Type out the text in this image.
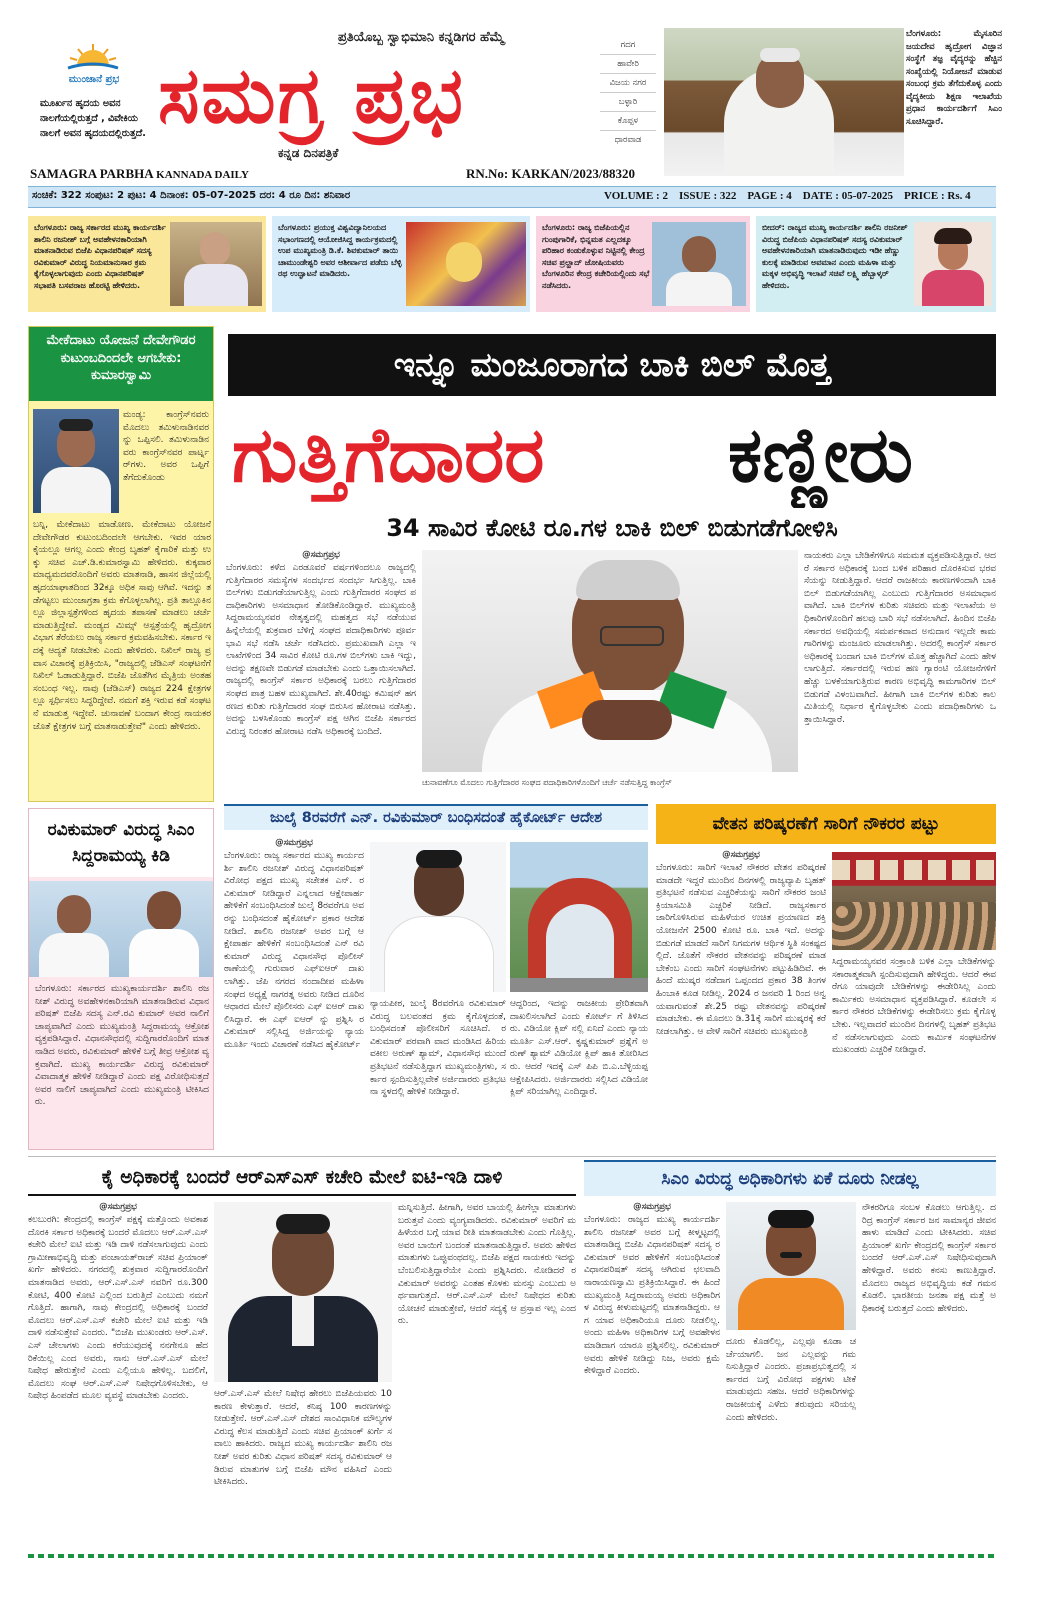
ಮುಂಜಾನೆ ಪ್ರಭ
ಮೂರ್ಖನ ಹೃದಯ ಅವನ ನಾಲಗೆಯಲ್ಲಿರುತ್ತದೆ , ವಿವೇಕಿಯ ನಾಲಗೆ ಅವನ ಹೃದಯದಲ್ಲಿರುತ್ತದೆ.
ಪ್ರತಿಯೊಬ್ಬ ಸ್ವಾಭಿಮಾನಿ ಕನ್ನಡಿಗರ ಹೆಮ್ಮೆ
ಸಮಗ್ರ ಪ್ರಭ
ಕನ್ನಡ ದಿನಪತ್ರಿಕೆ
SAMAGRA PARBHA KANNADA DAILY	RN.No: KARKAN/2023/88320
ಗದಗ
ಹಾವೇರಿ
ವಿಜಯ ನಗರ
ಬಳ್ಳಾರಿ
ಕೊಪ್ಪಳ
ಧಾರವಾಡ
ಬೆಂಗಳೂರು: ಮೈಸೂರಿನ ಜಯದೇವ ಹೃದ್ರೋಗ ವಿಜ್ಞಾನ ಸಂಸ್ಥೆಗೆ ತಜ್ಞ ವೈದ್ಯರನ್ನು ಹೆಚ್ಚಿನ ಸಂಖ್ಯೆಯಲ್ಲಿ ನಿಯೋಜನೆ ಮಾಡುವ ಸಂಬಂಧ ಕ್ರಮ ತೆಗೆದುಕೊಳ್ಳ ಎಂದು ವೈದ್ಯಕೀಯ ಶಿಕ್ಷಣ ಇಲಾಖೆಯ ಪ್ರಧಾನ ಕಾರ್ಯದರ್ಶಿಗೆ ಸಿಎಂ ಸೂಚಿಸಿದ್ದಾರೆ.
ಸಂಚಿಕೆ: 322 ಸಂಪುಟ: 2 ಪುಟ: 4 ದಿನಾಂಕ: 05-07-2025 ದರ: 4 ರೂ ದಿನ: ಶನಿವಾರ	VOLUME : 2    ISSUE : 322    PAGE : 4    DATE : 05-07-2025    PRICE : Rs. 4
ಬೆಂಗಳೂರು: ರಾಜ್ಯ ಸರ್ಕಾರದ ಮುಖ್ಯ ಕಾರ್ಯದರ್ಶಿ ಶಾಲಿನಿ ರಜನೀಶ್ ಬಗ್ಗೆ ಅವಹೇಳನಕಾರಿಯಾಗಿ ಮಾತನಾಡಿರುವ ಬಿಜೆಪಿ ವಿಧಾನಪರಿಷತ್ ಸದಸ್ಯ ರವಿಕುಮಾರ್ ವಿರುದ್ಧ ನಿಯಮಾನುಸಾರ ಕ್ರಮ ಕೈಗೊಳ್ಳಲಾಗುವುದು ಎಂದು ವಿಧಾನಪರಿಷತ್ ಸಭಾಪತಿ ಬಸವರಾಜ ಹೊರಟ್ಟಿ ಹೇಳಿದರು.
ಬೆಂಗಳೂರು: ಪ್ರಯುಕ್ತ ವಿಶ್ವವಿದ್ಯಾನಿಲಯದ ಸಭಾಂಗಣದಲ್ಲಿ ಆಯೋಜಿಸಿದ್ದ ಕಾರ್ಯಕ್ರಮದಲ್ಲಿ ಉಪ ಮುಖ್ಯಮಂತ್ರಿ ಡಿ.ಕೆ. ಶಿವಕುಮಾರ್ ತಾಯಿ ಚಾಮುಂಡೇಶ್ವರಿ ಅವರ ಆಶೀರ್ವಾದ ಪಡೆದು ಬೆಳ್ಳಿ ರಥ ಉದ್ಘಾಟನೆ ಮಾಡಿದರು.
ಬೆಂಗಳೂರು: ರಾಜ್ಯ ಬಿಜೆಪಿಯಲ್ಲಿನ ಗುಂಪುಗಾರಿಕೆ, ಭಿನ್ನಮತ ಎಲ್ಲದಕ್ಕೂ ಪರಿಹಾರ ಕಂಡುಕೊಳ್ಳುವ ನಿಟ್ಟಿನಲ್ಲಿ ಕೇಂದ್ರ ಸಚಿವ ಪ್ರಲ್ಹಾದ್ ಜೋಷಿಯವರು ಬೆಂಗಳೂರಿನ ಕೇಂದ್ರ ಕಚೇರಿಯಲ್ಲಿಂದು ಸಭೆ ನಡೆಸಿದರು.
ಬೀದರ್: ರಾಜ್ಯದ ಮುಖ್ಯ ಕಾರ್ಯದರ್ಶಿ ಶಾಲಿನಿ ರಜನೀಶ್ ವಿರುದ್ಧ ಬಿಜೆಪಿಯ ವಿಧಾನಪರಿಷತ್ ಸದಸ್ಯ ರವಿಕುಮಾರ್ ಅವಹೇಳನಕಾರಿಯಾಗಿ ಮಾತನಾಡಿರುವುದು ಇಡೀ ಹೆಣ್ಣು ಕುಲಕ್ಕೆ ಮಾಡಿರುವ ಅವಮಾನ ಎಂದು ಮಹಿಳಾ ಮತ್ತು ಮಕ್ಕಳ ಅಭಿವೃದ್ಧಿ ಇಲಾಖೆ ಸಚಿವೆ ಲಕ್ಷ್ಮಿ ಹೆಬ್ಬಾಳ್ಕರ್ ಹೇಳಿದರು.
ಮೇಕೆದಾಟು ಯೋಜನೆ ದೇವೇಗೌಡರ ಕುಟುಂಬದಿಂದಲೇ ಆಗಬೇಕು: ಕುಮಾರಸ್ವಾಮಿ
ಮಂಡ್ಯ: ಕಾಂಗ್ರೆಸ್‌ನವರು ಮೊದಲು ತಮಿಳುನಾಡಿನವರನ್ನು ಒಪ್ಪಿಸಲಿ. ತಮಿಳುನಾಡಿನವರು ಕಾಂಗ್ರೆಸ್‌ನವರ ಪಾರ್ಟ್ನರ್‌ಗಳು. ಅವರ ಒಪ್ಪಿಗೆ ತೆಗೆದುಕೊಂಡು
ಬನ್ನಿ, ಮೇಕೆದಾಟು ಮಾಡೋಣ. ಮೇಕೆದಾಟು ಯೋಜನೆ ದೇವೇಗೌಡರ ಕುಟುಂಬದಿಂದಲೇ ಆಗಬೇಕು. ಇವರ ಯಾರ ಕೈಯಲ್ಲೂ ಆಗಲ್ಲ ಎಂದು ಕೇಂದ್ರ ಬೃಹತ್ ಕೈಗಾರಿಕೆ ಮತ್ತು ಉಕ್ಕು ಸಚಿವ ಎಚ್.ಡಿ.ಕುಮಾರಸ್ವಾಮಿ ಹೇಳಿದರು. ಕುಕ್ಕವಾರ ಮಾಧ್ಯಮದವರೊಂದಿಗೆ ಅವರು ಮಾತನಾಡಿ, ಹಾಸನ ಜಿಲ್ಲೆಯಲ್ಲಿ ಹೃದಯಾಘಾತದಿಂದ 32ಕ್ಕೂ ಅಧಿಕ ಸಾವು ಆಗಿವೆ. ಇದನ್ನು ತಡೆಗಟ್ಟಲು ಮುಂಜಾಗ್ರತಾ ಕ್ರಮ ಕೆಗೊಳ್ಳಲಾಗಿಲ್ಲ. ಪ್ರತಿ ತಾಲ್ಲೂಕಿನಲ್ಲೂ ಜಿಲ್ಲಾಸ್ಪತ್ರೆಗಳಿಂದ ಹೃದಯ ತಪಾಸಣೆ ಮಾಡಲು ಚರ್ಚೆ ಮಾಡುತ್ತಿದ್ದೇವೆ. ಮಂಡ್ಯದ ಮಿಮ್ಸ್ ಆಸ್ಪತ್ರೆಯಲ್ಲಿ ಹೃದ್ರೋಗ ವಿಭಾಗ ತೆರೆಯಲು ರಾಜ್ಯ ಸರ್ಕಾರ ಕ್ರಮವಹಿಸಬೇಕು. ಸರ್ಕಾರ ಇದಕ್ಕೆ ಆದ್ಯತೆ ನೀಡಬೇಕು ಎಂದು ಹೇಳಿದರು. ನಿಖಿಲ್ ರಾಜ್ಯ ಪ್ರವಾಸ ವಿಚಾರಕ್ಕೆ ಪ್ರತಿಕ್ರಿಯಿಸಿ, "ರಾಜ್ಯದಲ್ಲಿ ಜೆಡಿಎಸ್ ಸಂಘಟನೆಗೆ ನಿಖಿಲ್ ಓಡಾಡುತ್ತಿದ್ದಾರೆ. ಬಿಜೆಪಿ ಜೊತೆಗಿನ ಮೈತ್ರಿಯ ಅಂತಹ ಸಂಬಂಧ ಇಲ್ಲ. ನಾವು (ಜೆಡಿಎಸ್) ರಾಜ್ಯದ 224 ಕ್ಷೇತ್ರಗಳಲ್ಲೂ ಸ್ಪರ್ಧಿಸಲು ಸಿದ್ಧರಿದ್ದೇವೆ. ನಮಗೆ ಶಕ್ತಿ ಇರುವ ಕಡೆ ಸಂಘಟನೆ ಮಾಡುತ್ತ ಇದ್ದೇವೆ. ಚುನಾವಣೆ ಬಂದಾಗ ಕೇಂದ್ರ ನಾಯಕರ ಜೊತೆ ಕ್ಷೇತ್ರಗಳ ಬಗ್ಗೆ ಮಾತನಾಡುತ್ತೇವೆ" ಎಂದು ಹೇಳಿದರು.
ಇನ್ನೂ ಮಂಜೂರಾಗದ ಬಾಕಿ ಬಿಲ್ ಮೊತ್ತ
ಗುತ್ತಿಗೆದಾರರ ಕಣ್ಣೀರು
34 ಸಾವಿರ ಕೋಟಿ ರೂ.ಗಳ ಬಾಕಿ ಬಿಲ್ ಬಿಡುಗಡೆಗೋಳಿಸಿ
@ಸಮಗ್ರಪ್ರಭ
ಬೆಂಗಳೂರು: ಕಳೆದ ಎರಡೂವರೆ ವರ್ಷಗಳಿಂದಲೂ ರಾಜ್ಯದಲ್ಲಿ ಗುತ್ತಿಗೆದಾರರ ಸಮಸ್ಯೆಗಳ ಸಂದರ್ಭದ ಸಂದರ್ಭ ಸಿಗುತ್ತಿಲ್ಲ. ಬಾಕಿ ಬಿಲ್‌ಗಳು ಬಿಡುಗಡೆಯಾಗುತ್ತಿಲ್ಲ ಎಂದು ಗುತ್ತಿಗೆದಾರರ ಸಂಘದ ಪದಾಧಿಕಾರಿಗಳು ಅಸಮಾಧಾನ ತೋಡಿಕೊಂಡಿದ್ದಾರೆ. ಮುಖ್ಯಮಂತ್ರಿ ಸಿದ್ದರಾಮಯ್ಯನವರ ನೇತೃತ್ವದಲ್ಲಿ ಮಹತ್ವದ ಸಭೆ ನಡೆಯುವ ಹಿನ್ನೆಲೆಯಲ್ಲಿ ಶುಕ್ರವಾರ ಬೆಳಿಗ್ಗೆ ಸಂಘದ ಪದಾಧಿಕಾರಿಗಳು ಪೂರ್ವ ಭಾವಿ ಸಭೆ ನಡೆಸಿ ಚರ್ಚೆ ನಡೆಸಿದರು. ಪ್ರಮುಖವಾಗಿ ಎಲ್ಲಾ ಇಲಾಖೆಗಳಿಂದ 34 ಸಾವಿರ ಕೋಟಿ ರೂ.ಗಳ ಬಿಲ್‌ಗಳು ಬಾಕಿ ಇದ್ದು, ಅದನ್ನು ತಕ್ಷಣವೇ ಬಿಡುಗಡೆ ಮಾಡಬೇಕು ಎಂದು ಒತ್ತಾಯಿಸಲಾಗಿದೆ. ರಾಜ್ಯದಲ್ಲಿ ಕಾಂಗ್ರೆಸ್ ಸರ್ಕಾರ ಅಧಿಕಾರಕ್ಕೆ ಬರಲು ಗುತ್ತಿಗೆದಾರರ ಸಂಘದ ಪಾತ್ರ ಬಹಳ ಮುಖ್ಯವಾಗಿದೆ. ಶೇ.40ರಷ್ಟು ಕಮಿಷನ್ ಹಗರಣದ ಕುರಿತು ಗುತ್ತಿಗೆದಾರರ ಸಂಘ ಬಿರುಸಿನ ಹೋರಾಟ ನಡೆಸಿತ್ತು. ಅದನ್ನು ಬಳಸಿಕೊಂಡು ಕಾಂಗ್ರೆಸ್ ಪಕ್ಷ ಆಗಿನ ಬಿಜೆಪಿ ಸರ್ಕಾರದ ವಿರುದ್ಧ ನಿರಂತರ ಹೋರಾಟ ನಡೆಸಿ ಅಧಿಕಾರಕ್ಕೆ ಬಂದಿದೆ.
ಚುನಾವಣೆಗೂ ಮೊದಲು ಗುತ್ತಿಗೆದಾರರ ಸಂಘದ ಪದಾಧಿಕಾರಿಗಳೊಂದಿಗೆ ಚರ್ಚೆ ನಡೆಸುತ್ತಿದ್ದ ಕಾಂಗ್ರೆಸ್
ನಾಯಕರು ಎಲ್ಲಾ ಬೇಡಿಕೆಗಳಿಗೂ ಸಮಮತ ವ್ಯಕ್ತಪಡಿಸುತ್ತಿದ್ದಾರೆ. ಆದರೆ ಸರ್ಕಾರ ಅಧಿಕಾರಕ್ಕೆ ಬಂದ ಬಳಿಕ ಪರಿಹಾರ ದೊರಕಿಸುವ ಭರವಸೆಯನ್ನು ನೀಡುತ್ತಿದ್ದಾರೆ. ಆದರೆ ರಾಜಕೀಯ ಕಾರಣಗಳಿಂದಾಗಿ ಬಾಕಿ ಬಿಲ್ ಬಿಡುಗಡೆಯಾಗಿಲ್ಲ ಎಂಬುದು ಗುತ್ತಿಗೆದಾರರ ಅಸಮಾಧಾನವಾಗಿದೆ. ಬಾಕಿ ಬಿಲ್‌ಗಳ ಕುರಿತು ಸಚಿವರು ಮತ್ತು ಇಲಾಖೆಯ ಅಧಿಕಾರಿಗಳೊಂದಿಗೆ ಹಲವು ಬಾರಿ ಸಭೆ ನಡೆಸಲಾಗಿದೆ. ಹಿಂದಿನ ಬಿಜೆಪಿ ಸರ್ಕಾರದ ಅವಧಿಯಲ್ಲಿ ಸಮರ್ಪಕವಾದ ಅನುದಾನ ಇಲ್ಲದೇ ಕಾಮಗಾರಿಗಳನ್ನು ಮಂಜೂರು ಮಾಡಲಾಗಿತ್ತು. ಅದರಲ್ಲಿ ಕಾಂಗ್ರೆಸ್ ಸರ್ಕಾರ ಅಧಿಕಾರಕ್ಕೆ ಬಂದಾಗ ಬಾಕಿ ಬಿಲ್‌ಗಳ ಮೊತ್ತ ಹೆಚ್ಚಾಗಿದೆ ಎಂದು ಹೇಳಲಾಗುತ್ತಿದೆ. ಸರ್ಕಾರದಲ್ಲಿ ಇರುವ ಹಣ ಗ್ಯಾರಂಟಿ ಯೋಜನೆಗಳಿಗೆ ಹೆಚ್ಚು ಬಳಕೆಯಾಗುತ್ತಿರುವ ಕಾರಣ ಅಭಿವೃದ್ಧಿ ಕಾಮಗಾರಿಗಳ ಬಿಲ್ ಬಿಡುಗಡೆ ವಿಳಂಬವಾಗಿದೆ. ಹೀಗಾಗಿ ಬಾಕಿ ಬಿಲ್‌ಗಳ ಕುರಿತು ಕಾಲಮಿತಿಯಲ್ಲಿ ನಿರ್ಧಾರ ಕೈಗೊಳ್ಳಬೇಕು ಎಂದು ಪದಾಧಿಕಾರಿಗಳು ಒತ್ತಾಯಿಸಿದ್ದಾರೆ.
ರವಿಕುಮಾರ್ ವಿರುದ್ಧ ಸಿಎಂ ಸಿದ್ದರಾಮಯ್ಯ ಕಿಡಿ
ಬೆಂಗಳೂರು: ಸರ್ಕಾರದ ಮುಖ್ಯಕಾರ್ಯದರ್ಶಿ ಶಾಲಿನಿ ರಜನೀಶ್ ವಿರುದ್ಧ ಅವಹೇಳನಕಾರಿಯಾಗಿ ಮಾತನಾಡಿರುವ ವಿಧಾನಪರಿಷತ್ ಬಿಜೆಪಿ ಸದಸ್ಯ ಎನ್.ರವಿ ಕುಮಾರ್ ಅವರ ನಾಲಿಗೆ ಚಾಪ್ಯವಾಗಿದೆ ಎಂದು ಮುಖ್ಯಮಂತ್ರಿ ಸಿದ್ದರಾಮಯ್ಯ ಆಕ್ರೋಶ ವ್ಯಕ್ತಪಡಿಸಿದ್ದಾರೆ. ವಿಧಾನಸೌಧದಲ್ಲಿ ಸುದ್ದಿಗಾರರೊಂದಿಗೆ ಮಾತನಾಡಿದ ಅವರು, ರವಿಕುಮಾರ್ ಹೇಳಿಕೆ ಬಗ್ಗೆ ತೀವ್ರ ಆಕ್ರೋಶ ವ್ಯಕ್ತವಾಗಿದೆ. ಮುಖ್ಯ ಕಾರ್ಯದರ್ಶಿ ವಿರುದ್ಧ ರವಿಕುಮಾರ್ ವಿವಾದಾತ್ಮಕ ಹೇಳಿಕೆ ನೀಡಿದ್ದಾರೆ ಎಂದು ಪಕ್ಷ ವಿರೋಧಿಸುತ್ತದೆ ಅವರ ನಾಲಿಗೆ ಚಾಪ್ಯವಾಗಿದೆ ಎಂದು ಮುಖ್ಯಮಂತ್ರಿ ಟೀಕಿಸಿದರು.
ಜುಲೈ 8ರವರೆಗೆ ಎನ್. ರವಿಕುಮಾರ್ ಬಂಧಿಸದಂತೆ ಹೈಕೋರ್ಟ್ ಆದೇಶ
@ಸಮಗ್ರಪ್ರಭ
ಬೆಂಗಳೂರು: ರಾಜ್ಯ ಸರ್ಕಾರದ ಮುಖ್ಯ ಕಾರ್ಯದರ್ಶಿ ಶಾಲಿನಿ ರಜನೀಶ್ ವಿರುದ್ಧ ವಿಧಾನಪರಿಷತ್ ವಿರೋಧ ಪಕ್ಷದ ಮುಖ್ಯ ಸಚೇತಕ ಎನ್. ರವಿಕುಮಾರ್ ನೀಡಿದ್ದಾರೆ ಎನ್ನಲಾದ ಆಕ್ಷೇಪಾರ್ಹ ಹೇಳಿಕೆಗೆ ಸಂಬಂಧಿಸಿದಂತೆ ಜುಲೈ 8ರವರೆಗೂ ಅವರನ್ನು ಬಂಧಿಸದಂತೆ ಹೈಕೋರ್ಟ್ ಪ್ರಕಾರ ಆದೇಶ ನೀಡಿದೆ. ಶಾಲಿನಿ ರಜನೀಶ್ ಅವರ ಬಗ್ಗೆ ಆಕ್ಷೇಪಾರ್ಹ ಹೇಳಿಕೆಗೆ ಸಂಬಂಧಿಸಿದಂತೆ ಎನ್ ರವಿ ಕುಮಾರ್ ವಿರುದ್ಧ ವಿಧಾನಸೌಧ ಪೊಲೀಸ್ ಠಾಣೆಯಲ್ಲಿ ಗುರುವಾರ ಎಫ್‌ಐಆರ್ ದಾಖಲಾಗಿತ್ತು. ಜೆಪಿ ನಗರದ ನಂದಾದೀಪ ಮಹಿಳಾ ಸಂಘದ ಅಧ್ಯಕ್ಷೆ ನಾಗರತ್ನ ಅವರು ನೀಡಿದ ದೂರಿನ ಆಧಾರದ ಮೇಲೆ ಪೊಲೀಸರು ಎಫ್ ಐಆರ್ ದಾಖಲಿಸಿದ್ದಾರೆ. ಈ ಎಫ್ ಐಆರ್ ನ್ನು ಪ್ರಶ್ನಿಸಿ ರವಿಕುಮಾರ್ ಸಲ್ಲಿಸಿದ್ದ ಅರ್ಜಿಯನ್ನು ನ್ಯಾಯಮೂರ್ತಿ ಇಂದು ವಿಚಾರಣೆ ನಡೆಸಿದ ಹೈಕೋರ್ಟ್
ನ್ಯಾಯಪೀಠ, ಜುಲೈ 8ರವರೆಗೂ ರವಿಕುಮಾರ್ ವಿರುದ್ಧ ಬಲವಂತದ ಕ್ರಮ ಕೈಗೊಳ್ಳದಂತೆ, ಬಂಧಿಸದಂತೆ ಪೊಲೀಸರಿಗೆ ಸೂಚಿಸಿದೆ. ರವಿಕುಮಾರ್ ಪರವಾಗಿ ವಾದ ಮಂಡಿಸಿದ ಹಿರಿಯ ವಕೀಲ ಅರುಣ್ ಶ್ಯಾಮ್, ವಿಧಾನಸೌಧ ಮುಂದೆ ಪ್ರತಿಭಟನೆ ನಡೆಸುತ್ತಿದ್ದಾಗ ಮುಖ್ಯಮಂತ್ರಿಗಳು, ಸರ್ಕಾರ ಸ್ಪಂದಿಸುತ್ತಿಲ್ಲವೇಕೆ ಅರ್ಜಿದಾರರು ಪ್ರತಿಭಟನಾ ಸ್ಥಳದಲ್ಲಿ ಹೇಳಿಕೆ ನೀಡಿದ್ದಾರೆ.
ಆದ್ದರಿಂದ, ಇದನ್ನು ರಾಜಕೀಯ ಪ್ರೇರಿತವಾಗಿ ದಾಖಲಿಸಲಾಗಿದೆ ಎಂದು ಕೋರ್ಟ್ ಗೆ ತಿಳಿಸಿದರು. ವಿಡಿಯೋ ಕ್ಲಿಪ್ ನಲ್ಲಿ ಏನಿದೆ ಎಂದು ನ್ಯಾಯಮೂರ್ತಿ ಎಸ್.ಆರ್. ಕೃಷ್ಣಕುಮಾರ್ ಪ್ರಶ್ನೆಗೆ ಅರುಣ್ ಶ್ಯಾಮ್ ವಿಡಿಯೋ ಕ್ಲಿಪ್ ಹಾಕಿ ತೋರಿಸಿದರು. ಆದರೆ ಇದಕ್ಕೆ ಎಸ್ ಪಿಪಿ ಬಿ.ಎ.ಬೆಳ್ಳಿಯಪ್ಪ ಆಕ್ಷೇಪಿಸಿದರು. ಅರ್ಜಿದಾರರು ಸಲ್ಲಿಸಿದ ವಿಡಿಯೋ ಕ್ಲಿಪ್ ಸರಿಯಾಗಿಲ್ಲ ಎಂದಿದ್ದಾರೆ.
ವೇತನ ಪರಿಷ್ಕರಣೆಗೆ ಸಾರಿಗೆ ನೌಕರರ ಪಟ್ಟು
@ಸಮಗ್ರಪ್ರಭ
ಬೆಂಗಳೂರು: ಸಾರಿಗೆ ಇಲಾಖೆ ನೌಕರರ ವೇತನ ಪರಿಷ್ಕರಣೆ ಮಾಡದೇ ಇದ್ದರೆ ಮುಂದಿನ ದಿನಗಳಲ್ಲಿ ರಾಜ್ಯವ್ಯಾಪಿ ಬೃಹತ್ ಪ್ರತಿಭಟನೆ ನಡೆಸುವ ಎಚ್ಚರಿಕೆಯನ್ನು ಸಾರಿಗೆ ನೌಕರರ ಜಂಟಿ ಕ್ರಿಯಾಸಮಿತಿ ಎಚ್ಚರಿಕೆ ನೀಡಿದೆ. ರಾಜ್ಯಸರ್ಕಾರ ಜಾರಿಗೊಳಿಸಿರುವ ಮಹಿಳೆಯರ ಉಚಿತ ಪ್ರಯಾಣದ ಶಕ್ತಿ ಯೋಜನೆಗೆ 2500 ಕೋಟಿ ರೂ. ಬಾಕಿ ಇದೆ. ಅದನ್ನು ಬಿಡುಗಡೆ ಮಾಡದೆ ಸಾರಿಗೆ ನಿಗಮಗಳ ಆರ್ಥಿಕ ಸ್ಥಿತಿ ಸಂಕಷ್ಟದಲ್ಲಿದೆ. ಜೊತೆಗೆ ನೌಕರರ ವೇತನವನ್ನು ಪರಿಷ್ಕರಣೆ ಮಾಡಬೇಕೆಂಬ ಎಂದು ಸಾರಿಗೆ ಸಂಘಟನೆಗಳು ಪಟ್ಟುಹಿಡಿದಿವೆ. ಈ ಹಿಂದೆ ಮುಷ್ಕರ ನಡೆದಾಗ ಒಪ್ಪಂದದ ಪ್ರಕಾರ 38 ತಿಂಗಳ ಹಿಂಬಾಕಿ ಕೂಡ ನೀಡಿಲ್ಲ. 2024 ರ ಜನವರಿ 1 ರಿಂದ ಅನ್ವಯವಾಗುವಂತೆ ಶೇ.25 ರಷ್ಟು ವೇತನವನ್ನು ಪರಿಷ್ಕರಣೆ ಮಾಡಬೇಕು. ಈ ಮೊದಲು ಡಿ.31ಕ್ಕೆ ಸಾರಿಗೆ ಮುಷ್ಕರಕ್ಕೆ ಕರೆ ನೀಡಲಾಗಿತ್ತು. ಆ ವೇಳೆ ಸಾರಿಗೆ ಸಚಿವರು ಮುಖ್ಯಮಂತ್ರಿ
ಸಿದ್ದರಾಮಯ್ಯನವರ ಸಂಕ್ರಾಂತಿ ಬಳಿಕ ಎಲ್ಲಾ ಬೇಡಿಕೆಗಳನ್ನು ಸಕಾರಾತ್ಮಕವಾಗಿ ಸ್ಪಂದಿಸುವುದಾಗಿ ಹೇಳಿದ್ದರು. ಆದರೆ ಈವರೆಗೂ ಯಾವುದೇ ಬೇಡಿಕೆಗಳನ್ನು ಈಡೇರಿಸಿಲ್ಲ ಎಂದು ಕಾರ್ಮಿಕರು ಅಸಮಾಧಾನ ವ್ಯಕ್ತಪಡಿಸಿದ್ದಾರೆ. ಕೂಡಲೇ ಸರ್ಕಾರ ನೌಕರರ ಬೇಡಿಕೆಗಳನ್ನು ಈಡೇರಿಸಲು ಕ್ರಮ ಕೈಗೊಳ್ಳಬೇಕು. ಇಲ್ಲವಾದರೆ ಮುಂದಿನ ದಿನಗಳಲ್ಲಿ ಬೃಹತ್ ಪ್ರತಿಭಟನೆ ನಡೆಸಲಾಗುವುದು ಎಂದು ಕಾರ್ಮಿಕ ಸಂಘಟನೆಗಳ ಮುಖಂಡರು ಎಚ್ಚರಿಕೆ ನೀಡಿದ್ದಾರೆ.
ಕೈ ಅಧಿಕಾರಕ್ಕೆ ಬಂದರೆ ಆರ್‌ಎಸ್‌ಎಸ್ ಕಚೇರಿ ಮೇಲೆ ಐಟಿ-ಇಡಿ ದಾಳಿ
@ಸಮಗ್ರಪ್ರಭ
ಕಲಬುರಗಿ: ಕೇಂದ್ರದಲ್ಲಿ ಕಾಂಗ್ರೆಸ್ ಪಕ್ಷಕ್ಕೆ ಮತ್ತೊಂದು ಅವಕಾಶ ದೊರಕಿ ಸರ್ಕಾರ ಅಧಿಕಾರಕ್ಕೆ ಬಂದರೆ ಮೊದಲು ಆರ್.ಎಸ್.ಎಸ್ ಕಚೇರಿ ಮೇಲೆ ಐಟಿ ಮತ್ತು ಇಡಿ ದಾಳಿ ನಡೆಸಲಾಗುವುದು ಎಂದು ಗ್ರಾಮೀಣಾಭಿವೃದ್ಧಿ ಮತ್ತು ಪಂಚಾಯತ್‌ರಾಜ್ ಸಚಿವ ಪ್ರಿಯಾಂಕ್ ಖರ್ಗೆ ಹೇಳಿದರು. ನಗರದಲ್ಲಿ ಶುಕ್ರವಾರ ಸುದ್ದಿಗಾರರೊಂದಿಗೆ ಮಾತನಾಡಿದ ಅವರು, ಆರ್.ಎಸ್.ಎಸ್ ನವರಿಗೆ ರೂ.300 ಕೋಟಿ, 400 ಕೋಟಿ ಎಲ್ಲಿಂದ ಬರುತ್ತಿದೆ ಎಂಬುದು ನಮಗೆ ಗೊತ್ತಿದೆ. ಹಾಗಾಗಿ, ನಾವು ಕೇಂದ್ರದಲ್ಲಿ ಅಧಿಕಾರಕ್ಕೆ ಬಂದರೆ ಮೊದಲು ಆರ್.ಎಸ್.ಎಸ್ ಕಚೇರಿ ಮೇಲೆ ಐಟಿ ಮತ್ತು ಇಡಿ ದಾಳಿ ನಡೆಸುತ್ತೇವೆ ಎಂದರು. "ಬಿಜೆಪಿ ಮುಖಂಡರು ಆರ್.ಎಸ್.ಎಸ್ ಚೇಲಾಗಳು ಎಂದು ಕರೆಯುವುದಕ್ಕೆ ನನಗೇನೂ ಹೆದರಿಕೆಯಿಲ್ಲ ಎಂದ ಅವರು, ನಾನು ಆರ್.ಎಸ್.ಎಸ್ ಮೇಲೆ ನಿಷೇಧ ಹೇರುತ್ತೇನೆ ಎಂದು ಎಲ್ಲಿಯೂ ಹೇಳಿಲ್ಲ. ಬದಲಿಗೆ, ಮೊದಲು ಸಂಘ ಆರ್.ಎಸ್.ಎಸ್ ನಿಷೇಧಗೊಳಿಸಬೇಕು, ಆ ನಿಷೇಧ ಹಿಂಪಡೆದ ಮೂಲ ವ್ಯವಸ್ಥೆ ಮಾಡಬೇಕು ಎಂದರು.	ಆರ್.ಎಸ್.ಎಸ್ ಮೇಲೆ ನಿಷೇಧ ಹೇರಲು ಬಿಜೆಪಿಯವರು 10 ಕಾರಣ ಕೇಳುತ್ತಾರೆ. ಆದರೆ, ಕನಿಷ್ಠ 100 ಕಾರಣಗಳನ್ನು ನೀಡುತ್ತೇನೆ. ಆರ್.ಎಸ್.ಎಸ್ ದೇಶದ ಸಾಂವಿಧಾನಿಕ ಮೌಲ್ಯಗಳ ವಿರುದ್ಧ ಕೆಲಸ ಮಾಡುತ್ತಿದೆ ಎಂದು ಸಚಿವ ಪ್ರಿಯಾಂಕ್ ಖರ್ಗೆ ಸವಾಲು ಹಾಕಿದರು. ರಾಜ್ಯದ ಮುಖ್ಯ ಕಾರ್ಯದರ್ಶಿ ಶಾಲಿನಿ ರಜನೀಶ್ ಅವರ ಕುರಿತು ವಿಧಾನ ಪರಿಷತ್ ಸದಸ್ಯ ರವಿಕುಮಾರ್ ಆಡಿರುವ ಮಾತುಗಳ ಬಗ್ಗೆ ಬಿಜೆಪಿ ಮೌನ ವಹಿಸಿದೆ ಎಂದು ಟೀಕಿಸಿದರು.
ಮನ್ನಿಸುತ್ತಿದೆ. ಹೀಗಾಗಿ, ಅವರ ಬಾಯಲ್ಲಿ ಹೀಗೆಲ್ಲಾ ಮಾತುಗಳು ಬರುತ್ತವೆ ಎಂದು ವ್ಯಂಗ್ಯವಾಡಿದರು. ರವಿಕುಮಾರ್ ಅವರಿಗೆ ಮಹಿಳೆಯರ ಬಗ್ಗೆ ಯಾವ ರೀತಿ ಮಾತನಾಡಬೇಕು ಎಂದು ಗೊತ್ತಿಲ್ಲ. ಅವರ ಬಾಯಿಗೆ ಬಂದಂತೆ ಮಾತನಾಡುತ್ತಿದ್ದಾರೆ. ಅವರು ಹೇಳಿದ ಮಾತುಗಳು ಒಪ್ಪುವಂಥದಲ್ಲ. ಬಿಜೆಪಿ ಪಕ್ಷದ ನಾಯಕರು ಇದನ್ನು ಬೆಂಬಲಿಸುತ್ತಿದ್ದಾರೆಯೇ ಎಂದು ಪ್ರಶ್ನಿಸಿದರು. ನೋಡಿದರೆ ರವಿಕುಮಾರ್ ಅವರನ್ನು ಎಂತಹ ಕೊಳಕು ಮನಸ್ಸು ಎಂಬುದು ಅರ್ಥವಾಗುತ್ತದೆ. ಆರ್.ಎಸ್.ಎಸ್ ಮೇಲೆ ನಿಷೇಧದ ಕುರಿತು ಯೋಚನೆ ಮಾಡುತ್ತೇವೆ, ಆದರೆ ಸದ್ಯಕ್ಕೆ ಆ ಪ್ರಸ್ತಾಪ ಇಲ್ಲ ಎಂದರು.
ಸಿಎಂ ವಿರುದ್ಧ ಅಧಿಕಾರಿಗಳು ಏಕೆ ದೂರು ನೀಡಲ್ಲ
@ಸಮಗ್ರಪ್ರಭ
ಬೆಂಗಳೂರು: ರಾಜ್ಯದ ಮುಖ್ಯ ಕಾರ್ಯದರ್ಶಿ ಶಾಲಿನಿ ರಜನೀಶ್ ಅವರ ಬಗ್ಗೆ ಕೀಳ್ಮಟ್ಟದಲ್ಲಿ ಮಾತನಾಡಿದ್ದ ಬಿಜೆಪಿ ವಿಧಾನಪರಿಷತ್ ಸದಸ್ಯ ರವಿಕುಮಾರ್ ಅವರ ಹೇಳಿಕೆಗೆ ಸಂಬಂಧಿಸಿದಂತೆ ವಿಧಾನಪರಿಷತ್ ಸದಸ್ಯ ಆಗಿರುವ ಛಲವಾದಿ ನಾರಾಯಣಸ್ವಾಮಿ ಪ್ರತಿಕ್ರಿಯಿಸಿದ್ದಾರೆ. ಈ ಹಿಂದೆ ಮುಖ್ಯಮಂತ್ರಿ ಸಿದ್ದರಾಮಯ್ಯ ಅವರು ಅಧಿಕಾರಿಗಳ ವಿರುದ್ಧ ಕೀಳುಮಟ್ಟದಲ್ಲಿ ಮಾತನಾಡಿದ್ದರು. ಆಗ ಯಾವ ಅಧಿಕಾರಿಯೂ ದೂರು ನೀಡಲಿಲ್ಲ. ಅಂದು ಮಹಿಳಾ ಅಧಿಕಾರಿಗಳ ಬಗ್ಗೆ ಅವಹೇಳನ ಮಾಡಿದಾಗ ಯಾರೂ ಪ್ರಶ್ನಿಸಲಿಲ್ಲ. ರವಿಕುಮಾರ್ ಅವರು ಹೇಳಿಕೆ ನೀಡಿದ್ದು ನಿಜ, ಅವರು ಕ್ಷಮೆ ಕೇಳಿದ್ದಾರೆ ಎಂದರು.
ದೂರು ಕೊಡಲಿಲ್ಲ, ಎಲ್ಲವೂ ಕೂಡಾ ಚರ್ಚೆಯಾಗಲಿ. ಜನ ಎಲ್ಲವನ್ನು ಗಮನಿಸುತ್ತಿದ್ದಾರೆ ಎಂದರು. ಪ್ರಜಾಪ್ರಭುತ್ವದಲ್ಲಿ ಸರ್ಕಾರದ ಬಗ್ಗೆ ವಿರೋಧ ಪಕ್ಷಗಳು ಟೀಕೆ ಮಾಡುವುದು ಸಹಜ. ಆದರೆ ಅಧಿಕಾರಿಗಳನ್ನು ರಾಜಕೀಯಕ್ಕೆ ಎಳೆದು ತರುವುದು ಸರಿಯಲ್ಲ ಎಂದು ಹೇಳಿದರು.
ನೌಕರರಿಗೂ ಸಂಬಳ ಕೊಡಲು ಆಗುತ್ತಿಲ್ಲ. ದರಿದ್ರ ಕಾಂಗ್ರೆಸ್ ಸರ್ಕಾರ ಜನ ಸಾಮಾನ್ಯರ ಜೀವನ ಹಾಳು ಮಾಡಿದೆ ಎಂದು ಟೀಕಿಸಿದರು. ಸಚಿವ ಪ್ರಿಯಾಂಕ್ ಖರ್ಗೆ ಕೇಂದ್ರದಲ್ಲಿ ಕಾಂಗ್ರೆಸ್ ಸರ್ಕಾರ ಬಂದರೆ ಆರ್.ಎಸ್.ಎಸ್ ನಿಷೇಧಿಸುವುದಾಗಿ ಹೇಳಿದ್ದಾರೆ. ಅವರು ಕನಸು ಕಾಣುತ್ತಿದ್ದಾರೆ. ಮೊದಲು ರಾಜ್ಯದ ಅಭಿವೃದ್ಧಿಯ ಕಡೆ ಗಮನ ಕೊಡಲಿ. ಭಾರತೀಯ ಜನತಾ ಪಕ್ಷ ಮತ್ತೆ ಅಧಿಕಾರಕ್ಕೆ ಬರುತ್ತದೆ ಎಂದು ಹೇಳಿದರು.
